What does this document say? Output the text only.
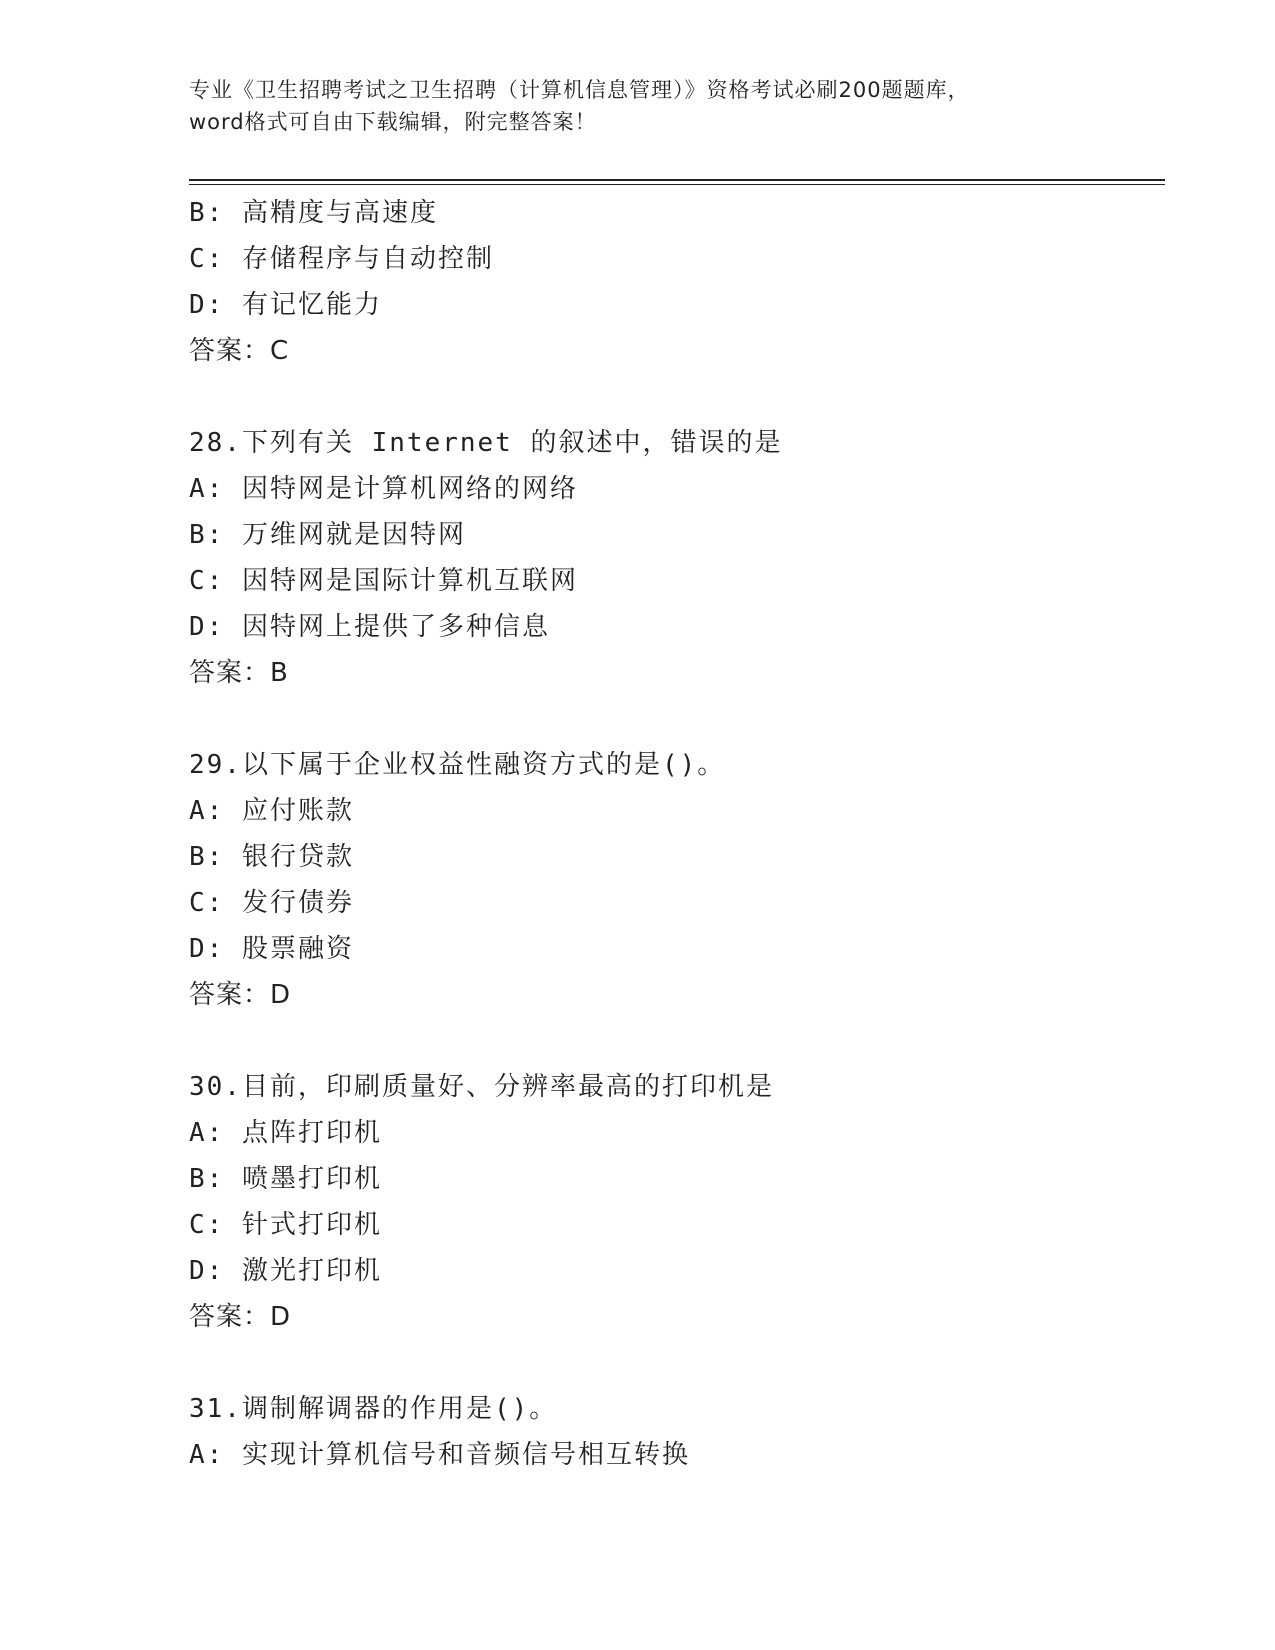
专业《卫生招聘考试之卫生招聘（计算机信息管理）》资格考试必刷200题题库，
word格式可自由下载编辑，附完整答案！
B: 高精度与高速度
C: 存储程序与自动控制
D: 有记忆能力
答案：C
28.下列有关 Internet 的叙述中，错误的是
A: 因特网是计算机网络的网络
B: 万维网就是因特网
C: 因特网是国际计算机互联网
D: 因特网上提供了多种信息
答案：B
29.以下属于企业权益性融资方式的是()。
A: 应付账款
B: 银行贷款
C: 发行债券
D: 股票融资
答案：D
30.目前，印刷质量好、分辨率最高的打印机是
A: 点阵打印机
B: 喷墨打印机
C: 针式打印机
D: 激光打印机
答案：D
31.调制解调器的作用是()。
A: 实现计算机信号和音频信号相互转换
